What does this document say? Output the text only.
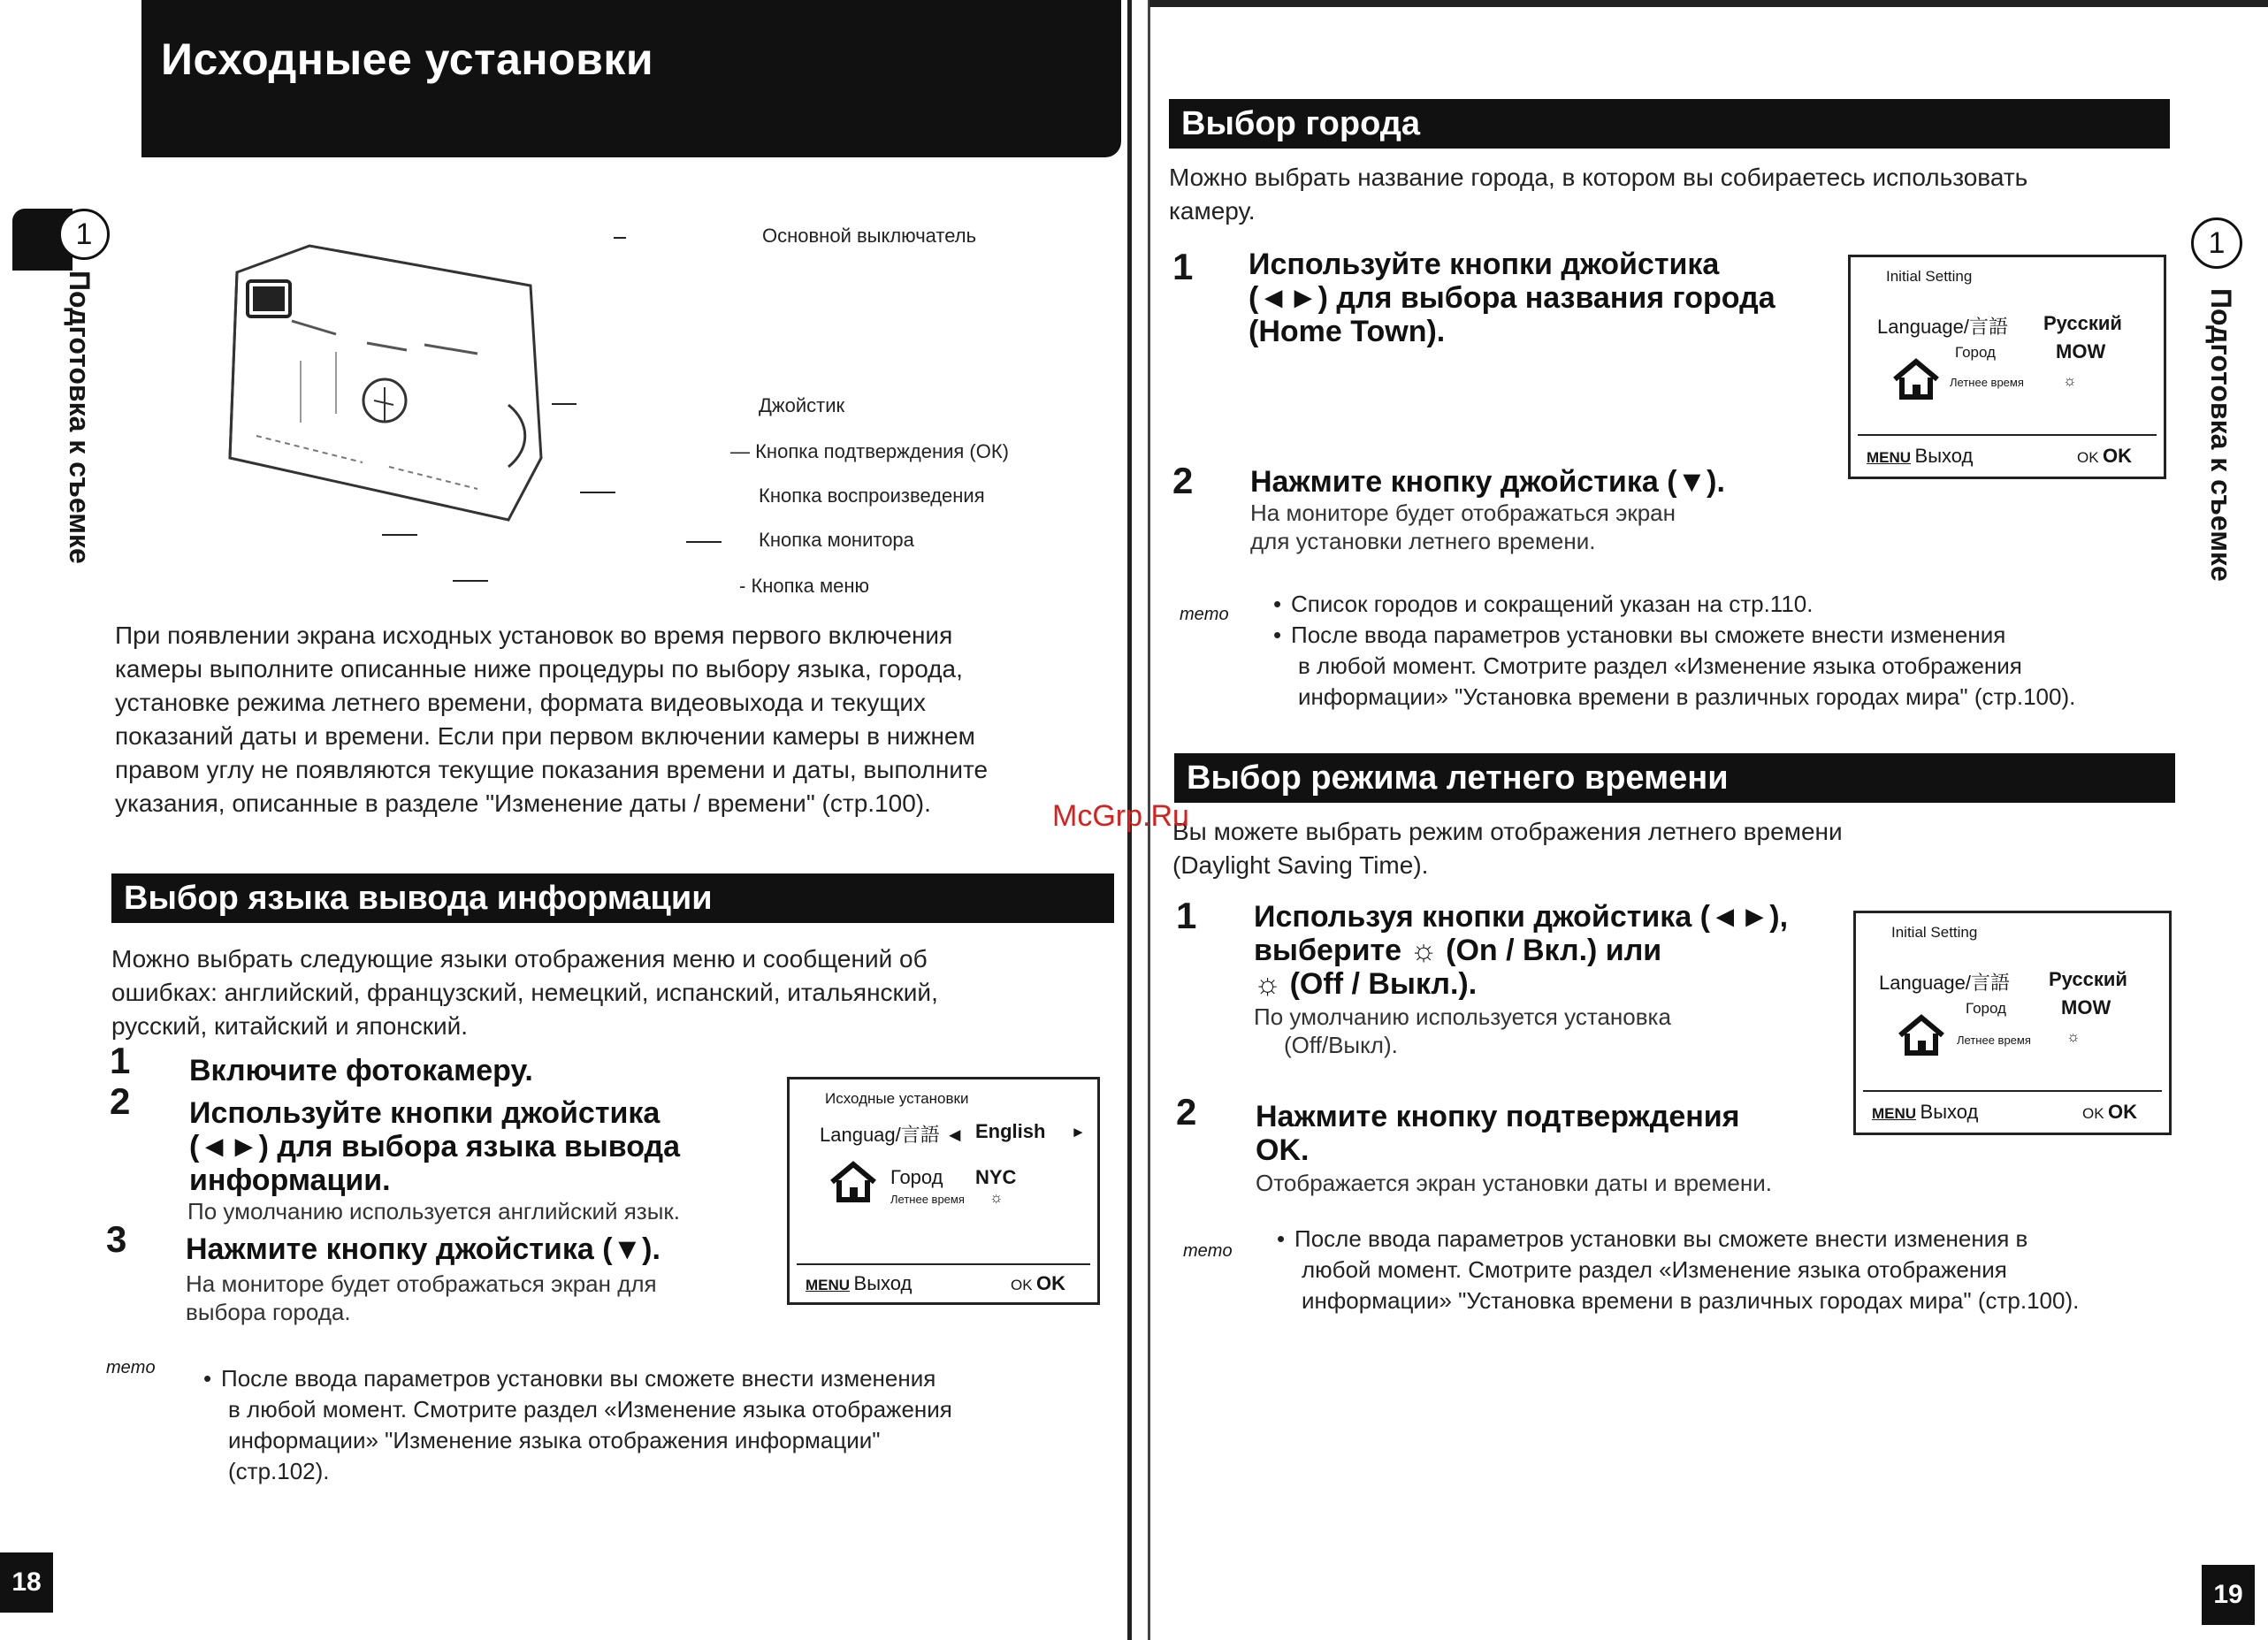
Исходныее установки
1
Подготовка к съемке
Основной выключатель
Джойстик
— Кнопка подтверждения (ОК)
Кнопка воспроизведения
Кнопка монитора
- Кнопка меню
При появлении экрана исходных установок во время первого включения
камеры выполните описанные ниже процедуры по выбору языка, города,
установке режима летнего времени, формата видеовыхода и текущих
показаний даты и времени. Если при первом включении камеры в нижнем
правом углу не появляются текущие показания времени и даты, выполните
указания, описанные в разделе "Изменение даты / времени" (стр.100).
Выбор языка вывода информации
Можно выбрать следующие языки отображения меню и сообщений об
ошибках: английский, французский, немецкий, испанский, итальянский,
русский, китайский и японский.
1 Включите фотокамеру.
2 Используйте кнопки джойстика
(◄►) для выбора языка вывода
информации.
По умолчанию используется английский язык.
3 Нажмите кнопку джойстика (▼).
На мониторе будет отображаться экран для
выбора города.
Исходные установки
Languag/言語 ◄ English ►
Город NYC
Летнее время ☼
MENU Выход	OK OK
memo • После ввода параметров установки вы сможете внести изменения
в любой момент. Смотрите раздел «Изменение языка отображения
информации» "Изменение языка отображения информации"
(стр.102).
18
1
Подготовка к съемке
Выбор города
Можно выбрать название города, в котором вы собираетесь использовать
камеру.
1 Используйте кнопки джойстика
(◄►) для выбора названия города
(Home Town).
2 Нажмите кнопку джойстика (▼).
На мониторе будет отображаться экран
для установки летнего времени.
Initial Setting
Language/言語 Русский
Город	MOW
Летнее время	☼
MENU Выход	OK OK
memo • Список городов и сокращений указан на стр.110.
• После ввода параметров установки вы сможете внести изменения
в любой момент. Смотрите раздел «Изменение языка отображения
информации» "Установка времени в различных городах мира" (стр.100).
Выбор режима летнего времени
Вы можете выбрать режим отображения летнего времени
(Daylight Saving Time).
1 Используя кнопки джойстика (◄►),
выберите ☼ (On / Вкл.) или
☼ (Off / Выкл.).
По умолчанию используется установка
(Off/Выкл).
2 Нажмите кнопку подтверждения
OK.
Отображается экран установки даты и времени.
Initial Setting
Language/言語 Русский
Город	MOW
Летнее время ☼
MENU Выход	OK OK
memo • После ввода параметров установки вы сможете внести изменения в
любой момент. Смотрите раздел «Изменение языка отображения
информации» "Установка времени в различных городах мира" (стр.100).
19
McGrp.Ru
